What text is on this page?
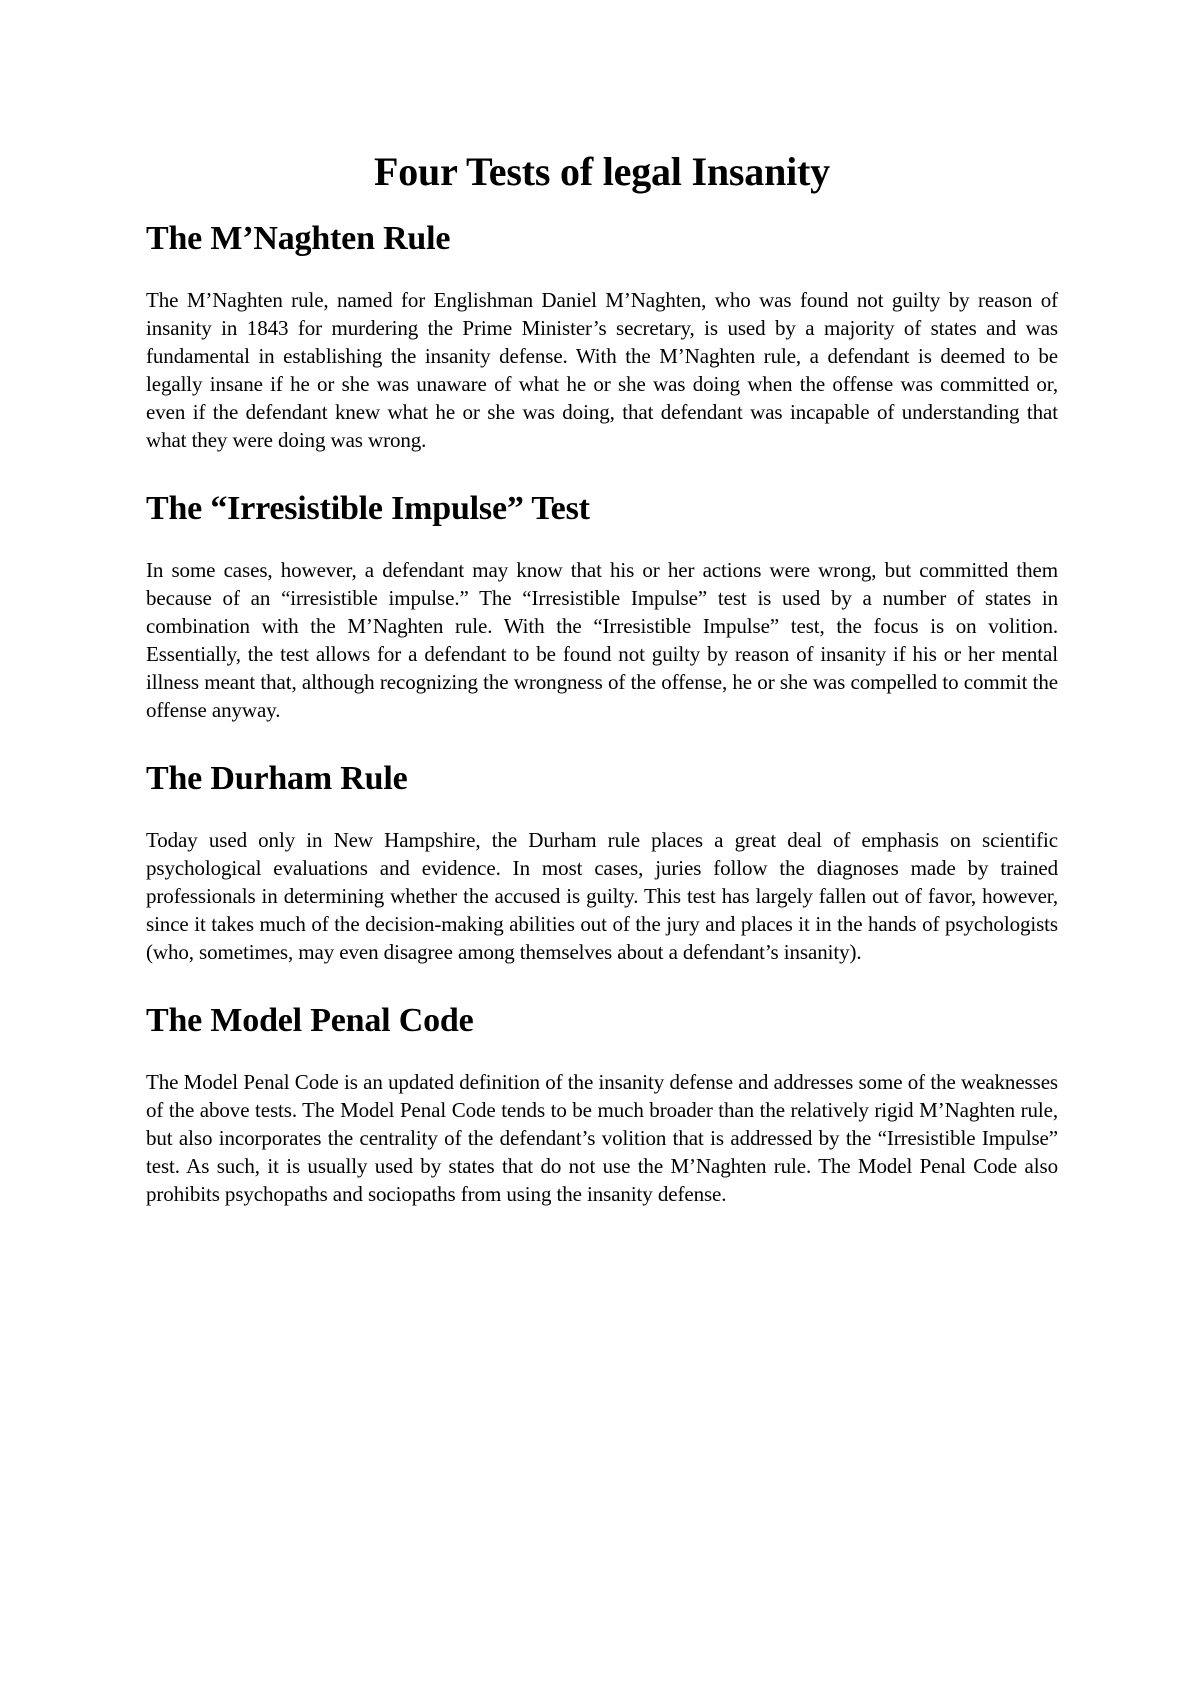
Four Tests of legal Insanity
The M’Naghten Rule

The M’Naghten rule, named for Englishman Daniel M’Naghten, who was found not guilty by reason of insanity in 1843 for murdering the Prime Minister’s secretary, is used by a majority of states and was fundamental in establishing the insanity defense. With the M’Naghten rule, a defendant is deemed to be legally insane if he or she was unaware of what he or she was doing when the offense was committed or, even if the defendant knew what he or she was doing, that defendant was incapable of understanding that what they were doing was wrong.

The “Irresistible Impulse” Test

In some cases, however, a defendant may know that his or her actions were wrong, but committed them because of an “irresistible impulse.” The “Irresistible Impulse” test is used by a number of states in combination with the M’Naghten rule. With the “Irresistible Impulse” test, the focus is on volition. Essentially, the test allows for a defendant to be found not guilty by reason of insanity if his or her mental illness meant that, although recognizing the wrongness of the offense, he or she was compelled to commit the offense anyway.

The Durham Rule

Today used only in New Hampshire, the Durham rule places a great deal of emphasis on scientific psychological evaluations and evidence. In most cases, juries follow the diagnoses made by trained professionals in determining whether the accused is guilty. This test has largely fallen out of favor, however, since it takes much of the decision-making abilities out of the jury and places it in the hands of psychologists (who, sometimes, may even disagree among themselves about a defendant’s insanity).

The Model Penal Code

The Model Penal Code is an updated definition of the insanity defense and addresses some of the weaknesses of the above tests. The Model Penal Code tends to be much broader than the relatively rigid M’Naghten rule, but also incorporates the centrality of the defendant’s volition that is addressed by the “Irresistible Impulse” test. As such, it is usually used by states that do not use the M’Naghten rule. The Model Penal Code also prohibits psychopaths and sociopaths from using the insanity defense.
